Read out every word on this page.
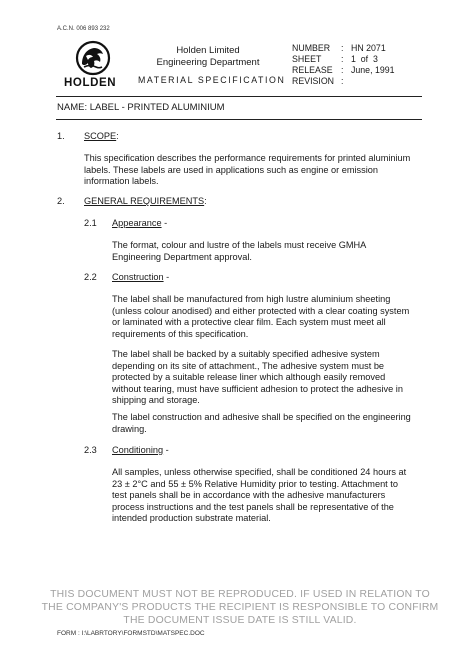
A.C.N. 006 893 232
HOLDEN
Holden Limited
Engineering Department
MATERIAL SPECIFICATION
NUMBER	: HN 2071
SHEET	: 1  of  3
RELEASE : June, 1991
REVISION :
NAME: LABEL - PRINTED ALUMINIUM
1. SCOPE:
This specification describes the performance requirements for printed aluminium labels. These labels are used in applications such as engine or emission information labels.
2. GENERAL REQUIREMENTS:
2.1 Appearance -
The format, colour and lustre of the labels must receive GMHA Engineering Department approval.
2.2 Construction -
The label shall be manufactured from high lustre aluminium sheeting (unless colour anodised) and either protected with a clear coating system or laminated with a protective clear film. Each system must meet all requirements of this specification.
The label shall be backed by a suitably specified adhesive system depending on its site of attachment., The adhesive system must be protected by a suitable release liner which although easily removed without tearing, must have sufficient adhesion to protect the adhesive in shipping and storage.
The label construction and adhesive shall be specified on the engineering drawing.
2.3 Conditioning -
All samples, unless otherwise specified, shall be conditioned 24 hours at 23 ± 2°C and 55 ± 5% Relative Humidity prior to testing. Attachment to test panels shall be in accordance with the adhesive manufacturers process instructions and the test panels shall be representative of the intended production substrate material.
THIS DOCUMENT MUST NOT BE REPRODUCED. IF USED IN RELATION TO THE COMPANY'S PRODUCTS THE RECIPIENT IS RESPONSIBLE TO CONFIRM THE DOCUMENT ISSUE DATE IS STILL VALID.
FORM : I:\LABRTORY\FORMSTD\MATSPEC.DOC
